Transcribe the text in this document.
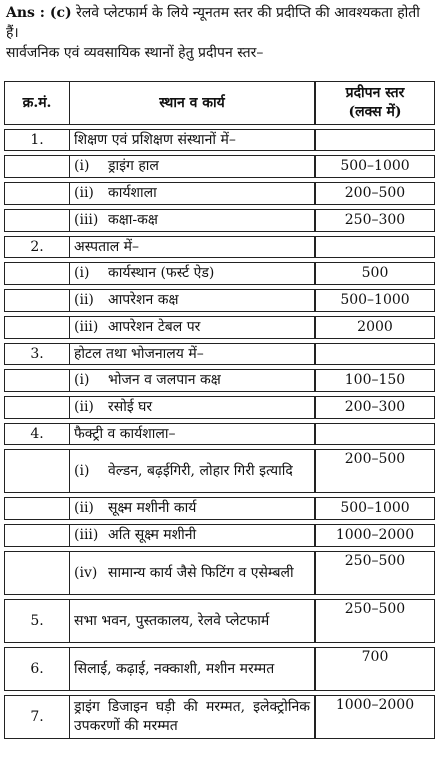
Ans : (c) रेलवे प्लेटफार्म के लिये न्यूनतम स्तर की प्रदीप्ति की आवश्यकता होती हैं।
सार्वजनिक एवं व्यवसायिक स्थानों हेतु प्रदीपन स्तर–
क्र.मं.	स्थान व कार्य	प्रदीपन स्तर
(लक्स में)

1.	शिक्षण एवं प्रशिक्षण संस्थानों में–	
	(i) ड्राइंग हाल	500–1000
	(ii) कार्यशाला	200–500
	(iii) कक्षा-कक्ष	250–300
2.	अस्पताल में–	
	(i) कार्यस्थान (फर्स्ट ऐड)	500
	(ii) आपरेशन कक्ष	500–1000
	(iii) आपरेशन टेबल पर	2000
3.	होटल तथा भोजनालय में–	
	(i) भोजन व जलपान कक्ष	100–150
	(ii) रसोई घर	200–300
4.	फैक्ट्री व कार्यशाला–	
	(i) वेल्डन, बढ़ईगिरी, लोहार गिरी इत्यादि	200–500
	(ii) सूक्ष्म मशीनी कार्य	500–1000
	(iii) अति सूक्ष्म मशीनी	1000–2000
	(iv) सामान्य कार्य जैसे फिटिंग व एसेम्बली	250–500
5.	सभा भवन, पुस्तकालय, रेलवे प्लेटफार्म	250–500
6.	सिलाई, कढ़ाई, नक्काशी, मशीन मरम्मत	700
7.	ड्राइंग डिजाइन घड़ी की मरम्मत, इलेक्ट्रोनिक उपकरणों की मरम्मत	1000–2000
